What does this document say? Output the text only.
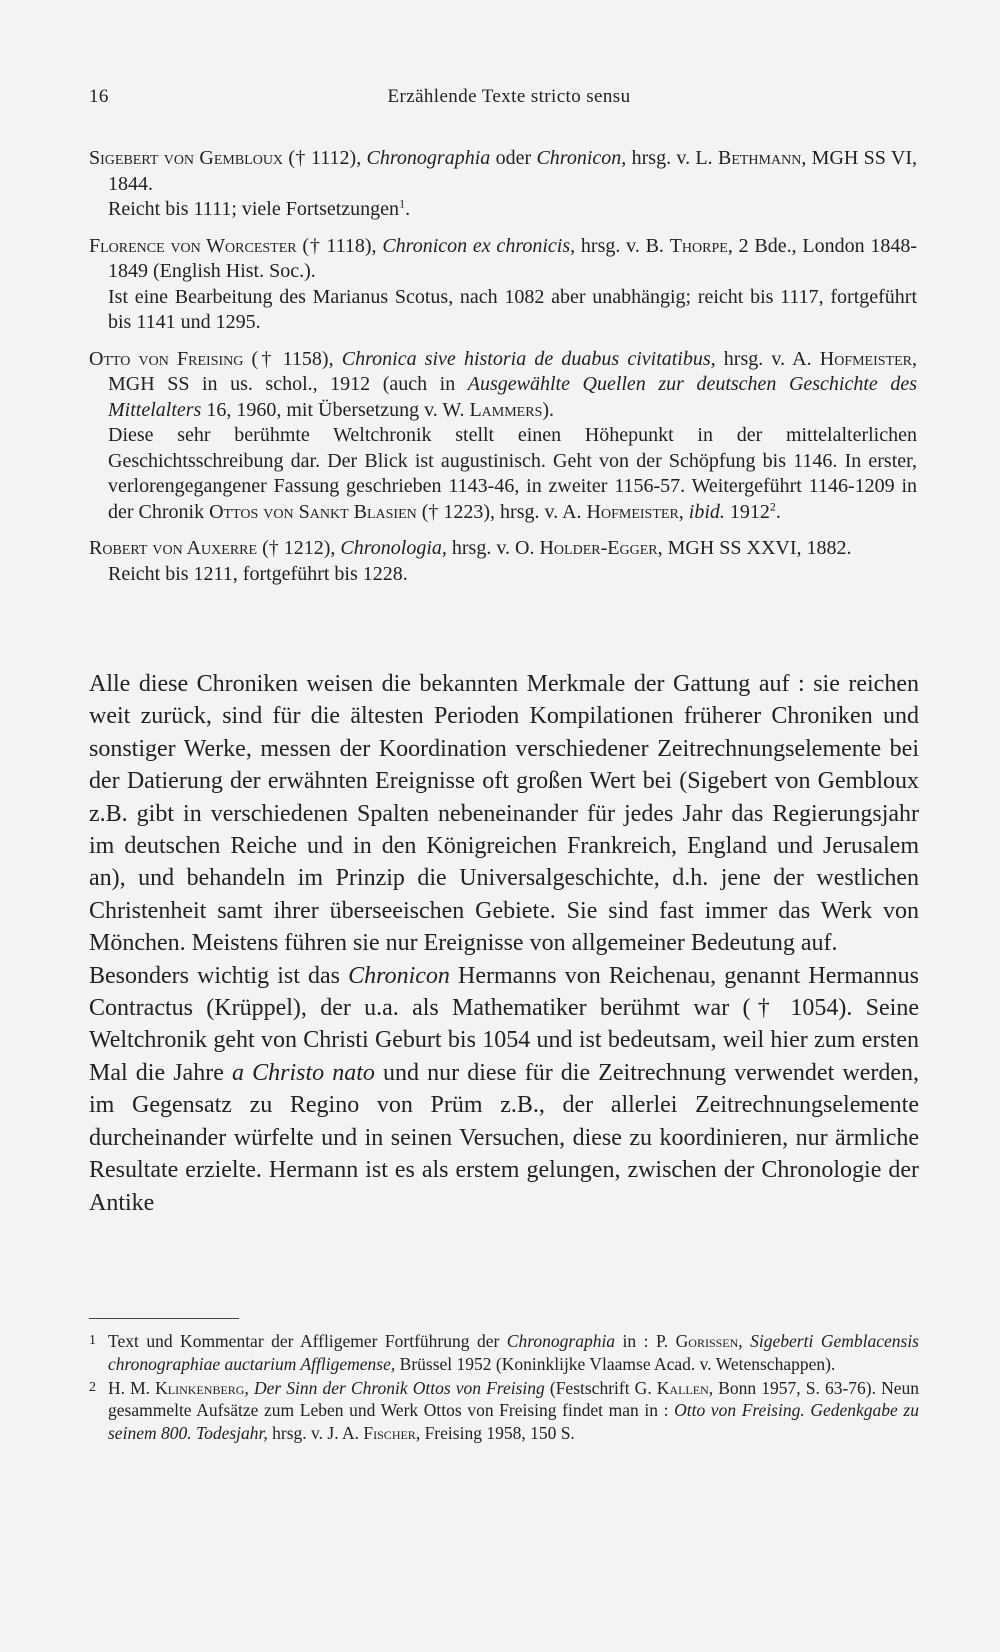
16	Erzählende Texte stricto sensu
Sigebert von Gembloux († 1112), Chronographia oder Chronicon, hrsg. v. L. Bethmann, MGH SS VI, 1844.
Reicht bis 1111; viele Fortsetzungen$^1$.
Florence von Worcester († 1118), Chronicon ex chronicis, hrsg. v. B. Thorpe, 2 Bde., London 1848-1849 (English Hist. Soc.).
Ist eine Bearbeitung des Marianus Scotus, nach 1082 aber unabhängig; reicht bis 1117, fortgeführt bis 1141 und 1295.
Otto von Freising († 1158), Chronica sive historia de duabus civitatibus, hrsg. v. A. Hofmeister, MGH SS in us. schol., 1912 (auch in Ausgewählte Quellen zur deutschen Geschichte des Mittelalters 16, 1960, mit Übersetzung v. W. Lammers).
Diese sehr berühmte Weltchronik stellt einen Höhepunkt in der mittelalterlichen Geschichtsschreibung dar. Der Blick ist augustinisch. Geht von der Schöpfung bis 1146. In erster, verlorengegangener Fassung geschrieben 1143-46, in zweiter 1156-57. Weitergeführt 1146-1209 in der Chronik Ottos von Sankt Blasien († 1223), hrsg. v. A. Hofmeister, ibid. 1912$^2$.
Robert von Auxerre († 1212), Chronologia, hrsg. v. O. Holder-Egger, MGH SS XXVI, 1882.
Reicht bis 1211, fortgeführt bis 1228.

Alle diese Chroniken weisen die bekannten Merkmale der Gattung auf : sie reichen weit zurück, sind für die ältesten Perioden Kompilationen früherer Chroniken und sonstiger Werke, messen der Koordination verschiedener Zeitrechnungselemente bei der Datierung der erwähnten Ereignisse oft großen Wert bei (Sigebert von Gembloux z.B. gibt in verschiedenen Spalten nebeneinander für jedes Jahr das Regierungsjahr im deutschen Reiche und in den Königreichen Frankreich, England und Jerusalem an), und behandeln im Prinzip die Universalgeschichte, d.h. jene der westlichen Christenheit samt ihrer überseeischen Gebiete. Sie sind fast immer das Werk von Mönchen. Meistens führen sie nur Ereignisse von allgemeiner Bedeutung auf.

Besonders wichtig ist das Chronicon Hermanns von Reichenau, genannt Hermannus Contractus (Krüppel), der u.a. als Mathematiker berühmt war († 1054). Seine Weltchronik geht von Christi Geburt bis 1054 und ist bedeutsam, weil hier zum ersten Mal die Jahre a Christo nato und nur diese für die Zeitrechnung verwendet werden, im Gegensatz zu Regino von Prüm z.B., der allerlei Zeitrechnungselemente durcheinander würfelte und in seinen Versuchen, diese zu koordinieren, nur ärmliche Resultate erzielte. Hermann ist es als erstem gelungen, zwischen der Chronologie der Antike

1 Text und Kommentar der Affligemer Fortführung der Chronographia in : P. Gorissen, Sigeberti Gemblacensis chronographiae auctarium Affligemense, Brüssel 1952 (Koninklijke Vlaamse Acad. v. Wetenschappen).

2 H. M. Klinkenberg, Der Sinn der Chronik Ottos von Freising (Festschrift G. Kallen, Bonn 1957, S. 63-76). Neun gesammelte Aufsätze zum Leben und Werk Ottos von Freising findet man in : Otto von Freising. Gedenkgabe zu seinem 800. Todesjahr, hrsg. v. J. A. Fischer, Freising 1958, 150 S.
